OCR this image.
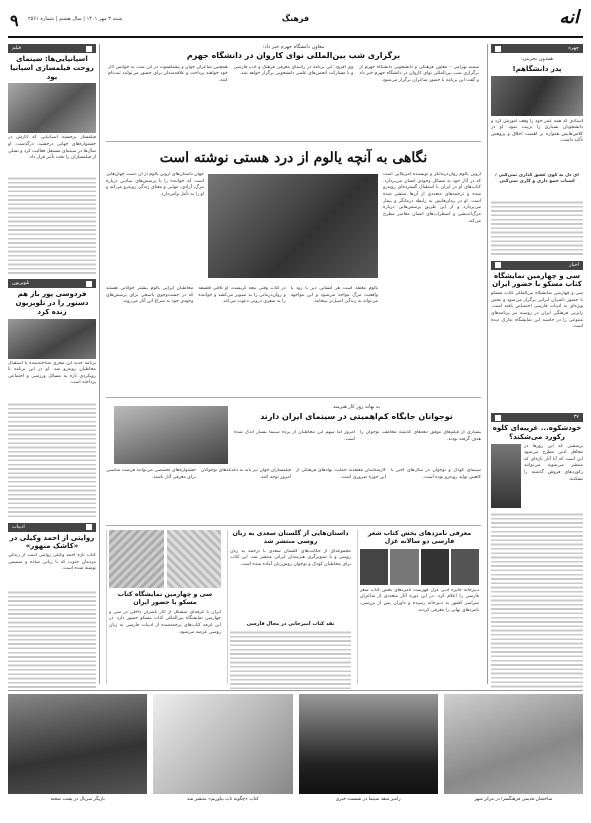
ا‌نه
فرهنگ
شنبه ۳ مهر ۱۴۰۱ | سال هشتم | شماره ۲۵۶۱
۹
چهره
همدون بحرینی:
پدر دانشگاهم!
استادی که همه عمر خود را وقف آموزش کرد و دانشجویان بسیاری را تربیت نمود. او در کلاس‌هایش همواره بر اهمیت اخلاق و پژوهش تأکید داشت.
ای دل به کوی عشق گذاری نمی‌کنی / اسباب جمع داری و کاری نمی‌کنی
اخبار
سی و چهارمین نمایشگاه کتاب مسکو با حضور ایران
سی و چهارمین نمایشگاه بین‌المللی کتاب مسکو با حضور ناشران ایرانی برگزار می‌شود و بخش ویژه‌ای به ادبیات فارسی اختصاص یافته است. رایزنی فرهنگی ایران در روسیه نیز برنامه‌های متنوعی را در حاشیه این نمایشگاه تدارک دیده است.
۳۷
خودشکوه... غریبه‌ای کلوه رکورد می‌شکند؟
پرسشی که این روزها در محافل ادبی مطرح می‌شود این است که آیا آثار تازه‌ای که منتشر می‌شوند می‌توانند رکوردهای فروش گذشته را بشکنند.
فیلم
اسپانیایی‌ها‌: سینمای روحت فیلمسازی اسپانیا بود
فیلمساز برجسته اسپانیایی که آثارش در جشنواره‌های جهانی درخشید، درگذشت. او سال‌ها در سینمای مستقل فعالیت کرد و نسلی از فیلمسازان را تحت تأثیر قرار داد.
تلویزیون
فردوسی پور باز هم دستور را در تلویزیون زنده کرد
برنامه جدید این مجری شناخته‌شده با استقبال مخاطبان روبه‌رو شد. او در این برنامه با رویکردی تازه به مسائل ورزشی و اجتماعی پرداخته است.
ادبیات
روایتی از احمد وکیلی در «کاشک منهور»
کتاب تازه احمد وکیلی روایتی است از زندگی مردمان جنوب که با زبانی ساده و صمیمی نوشته شده است.
معاون دانشگاه جهرم خبر داد:
برگزاری شب بین‌المللی نوای کاروان در دانشگاه جهرم
سمیه بهرامی – معاون فرهنگی و دانشجویی دانشگاه جهرم از برگزاری شب بین‌المللی نوای کاروان در دانشگاه جهرم خبر داد و گفت این برنامه با حضور شاعران برگزار می‌شود.
وی افزود: این برنامه در راستای معرفی فرهنگ و ادب فارسی و با مشارکت انجمن‌های علمی دانشجویی برگزار خواهد شد.
همچنین شاعران جوان و پیشکسوت در این شب به خوانش آثار خود خواهند پرداخت و علاقه‌مندان برای حضور می‌توانند ثبت‌نام کنند.
نگاهی به آنچه یالوم از درد هستی نوشته است
اروین یالوم روان‌درمانگر و نویسنده آمریکایی است که در آثار خود به مسائل وجودی انسان می‌پردازد. کتاب‌های او در ایران با استقبال گسترده‌ای روبه‌رو شده و ترجمه‌های متعددی از آن‌ها منتشر شده است. او در رمان‌هایش به رابطه درمانگر و بیمار می‌پردازد و از این طریق پرسش‌هایی درباره مرگ‌اندیشی و اضطراب‌های انسان معاصر مطرح می‌کند.
جهان داستان‌های اروین یالوم از آن دست جهان‌هایی است که خواننده را با پرسش‌های بنیادین درباره مرگ، آزادی، تنهایی و معنای زندگی روبه‌رو می‌کند و او را به تأمل وامی‌دارد.
یالوم معتقد است هر انسانی دیر یا زود با واقعیت مرگ مواجه می‌شود و این مواجهه می‌تواند به زندگی اصیل‌تر بینجامد.
در کتاب وقتی نیچه گریست، او تلاقی فلسفه و روان‌درمانی را به تصویر می‌کشد و خواننده را به سفری درونی دعوت می‌کند.
مخاطبان ایرانی یالوم بیشتر جوانانی هستند که در جست‌وجوی پاسخی برای پرسش‌های وجودی خود به سراغ این آثار می‌روند.
به بهانه روز کار هنرمند
نوجوانان جایگاه کم‌اهمیتی در سینمای ایران دارند
بسیاری از فیلم‌های موفق دهه‌های گذشته مخاطب نوجوان را هدف گرفته بودند.
امروز اما سهم این مخاطبان از پرده سینما بسیار اندک شده است.
سینمای کودک و نوجوان در سال‌های اخیر با کاهش تولید روبه‌رو بوده است.
کارشناسان معتقدند حمایت نهادهای فرهنگی از این حوزه ضروری است.
فیلمسازان جوان نیز باید به دغدغه‌های نوجوانان امروز توجه کنند.
جشنواره‌های تخصصی می‌توانند فرصت مناسبی برای معرفی آثار باشند.
معرفی نامزدهای بخش کتاب شعر فارسی دو سالانه غزل
دبیرخانه جایزه ادبی غزل فهرست نامزدهای بخش کتاب شعر فارسی را اعلام کرد. در این دوره آثار متعددی از شاعران سراسر کشور به دبیرخانه رسیده و داوران پس از بررسی، نامزدهای نهایی را معرفی کردند.
داستان‌هایی از گلستان سعدی به زبان روسی منتشر شد
مجموعه‌ای از حکایت‌های گلستان سعدی با ترجمه به زبان روسی و با تصویرگری هنرمندان ایرانی منتشر شد. این کتاب برای مخاطبان کودک و نوجوان روس‌زبان آماده شده است.
نقد کتاب امیرخانی در مجال فارسی
سی و چهارمین نمایشگاه کتاب مسکو با حضور ایران
ایران با غرفه‌ای متشکل از آثار ناشران داخلی در سی و چهارمین نمایشگاه بین‌المللی کتاب مسکو حضور دارد. در این غرفه کتاب‌های ترجمه‌شده از ادبیات فارسی به زبان روسی عرضه می‌شود.
ساختمان قدیمی فرهنگسرا در مرکز شهر
رامبر منقد سینما در نشست خبری
کتاب «چگونه تاب بیاوریم» منتشر شد
بازیگر سریال در پشت صحنه
